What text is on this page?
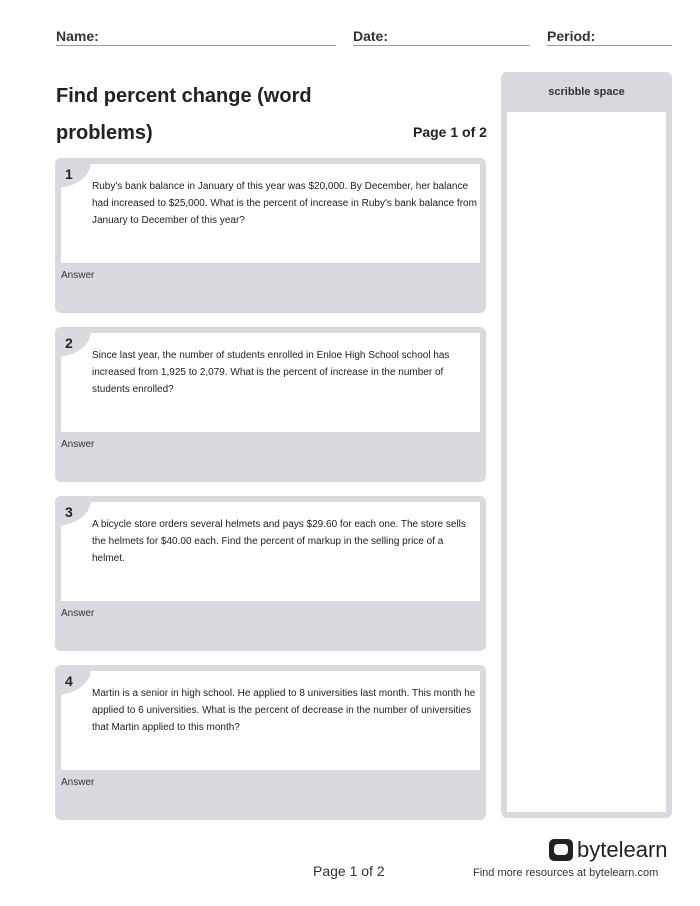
Name:	Date:	Period:
Find percent change (word problems)	Page 1 of 2
1
Ruby's bank balance in January of this year was $20,000. By December, her balance had increased to $25,000. What is the percent of increase in Ruby's bank balance from January to December of this year?
Answer
2
Since last year, the number of students enrolled in Enloe High School school has increased from 1,925 to 2,079. What is the percent of increase in the number of students enrolled?
Answer
3
A bicycle store orders several helmets and pays $29.60 for each one. The store sells the helmets for $40.00 each. Find the percent of markup in the selling price of a helmet.
Answer
4
Martin is a senior in high school. He applied to 8 universities last month. This month he applied to 6 universities. What is the percent of decrease in the number of universities that Martin applied to this month?
Answer
scribble space
Page 1 of 2
bytelearn
Find more resources at bytelearn.com
